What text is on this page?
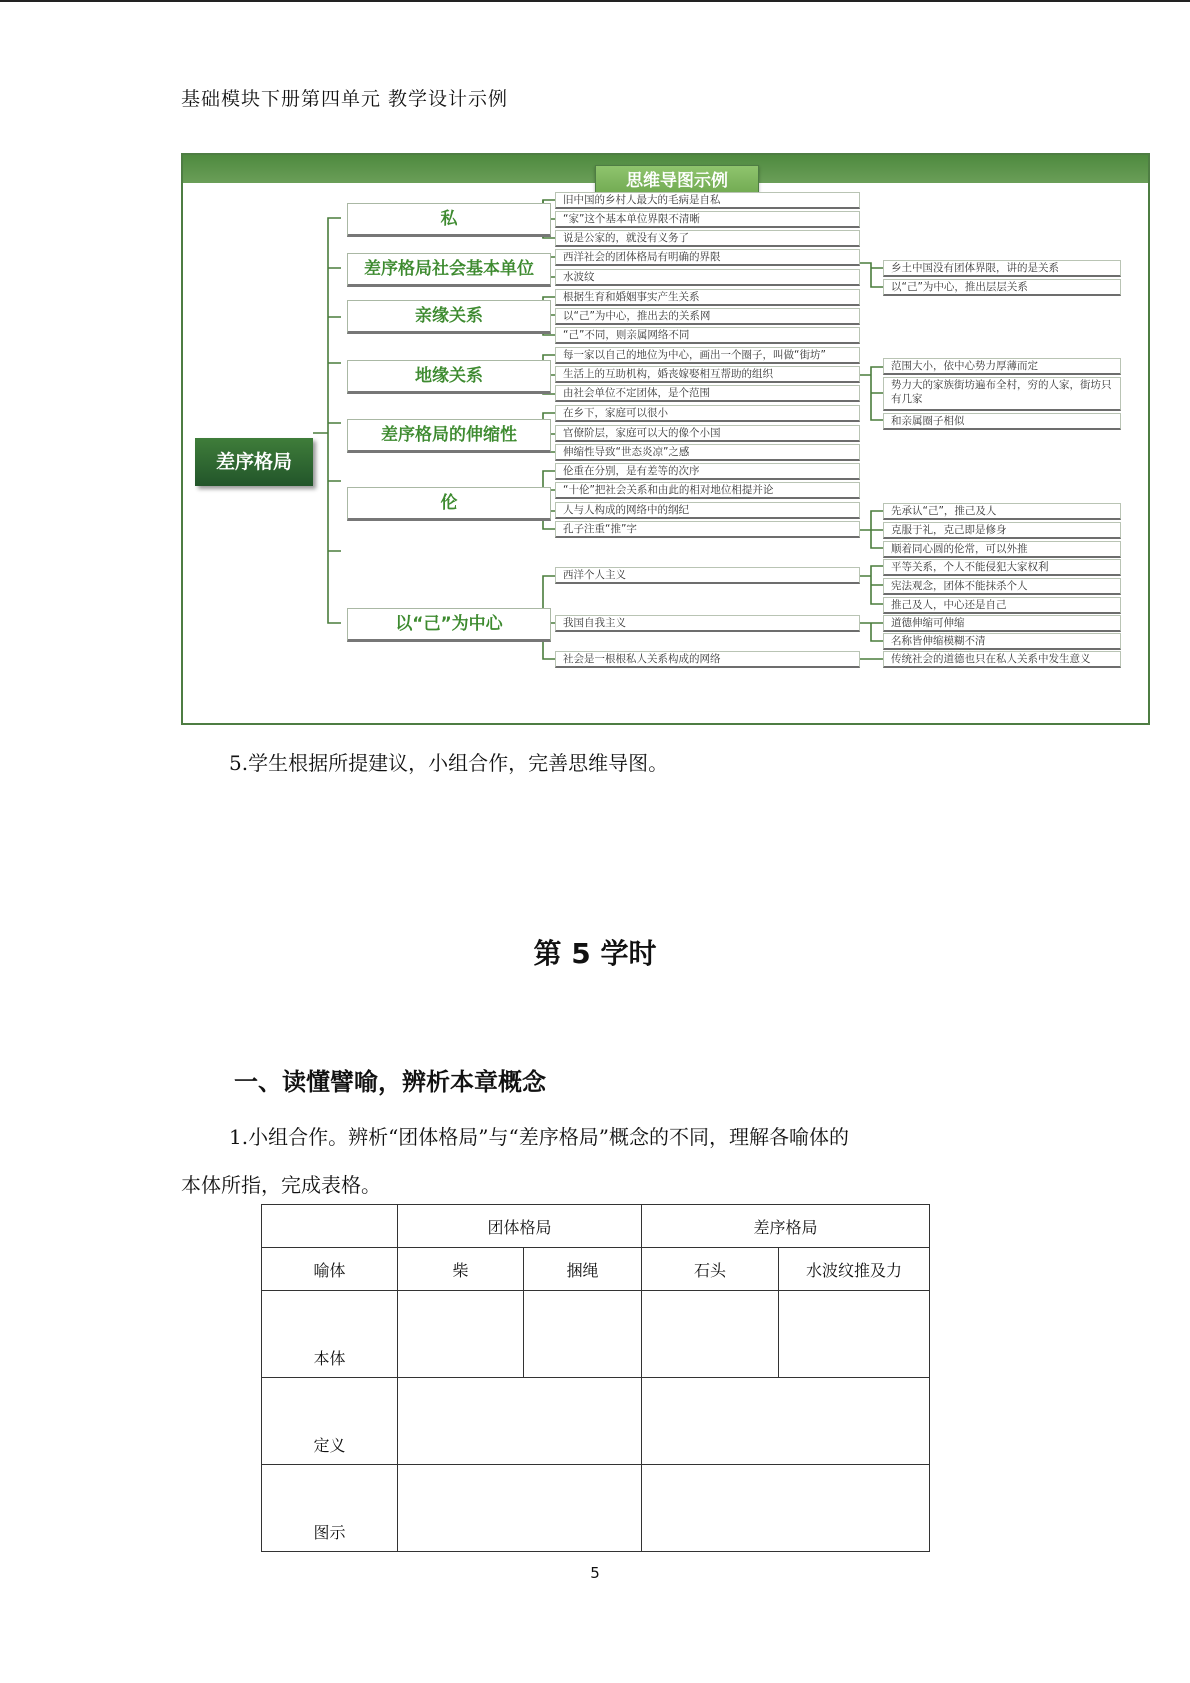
基础模块下册第四单元 教学设计示例
思维导图示例
差序格局
私
差序格局社会基本单位
亲缘关系
地缘关系
差序格局的伸缩性
伦
以“己”为中心
旧中国的乡村人最大的毛病是自私
“家”这个基本单位界限不清晰
说是公家的，就没有义务了
西洋社会的团体格局有明确的界限
水波纹
根据生育和婚姻事实产生关系
以“己”为中心，推出去的关系网
“己”不同，则亲属网络不同
每一家以自己的地位为中心，画出一个圈子，叫做“街坊”
生活上的互助机构，婚丧嫁娶相互帮助的组织
由社会单位不定团体，是个范围
在乡下，家庭可以很小
官僚阶层，家庭可以大的像个小国
伸缩性导致“世态炎凉”之感
伦重在分别，是有差等的次序
“十伦”把社会关系和由此的相对地位相提并论
人与人构成的网络中的纲纪
孔子注重“推”字
西洋个人主义
我国自我主义
社会是一根根私人关系构成的网络
乡土中国没有团体界限，讲的是关系
以“己”为中心，推出层层关系
范围大小，依中心势力厚薄而定
势力大的家族街坊遍布全村，穷的人家，街坊只有几家
和亲属圈子相似
先承认“己”，推己及人
克服于礼，克己即是修身
顺着同心圆的伦常，可以外推
平等关系，个人不能侵犯大家权利
宪法观念，团体不能抹杀个人
推己及人，中心还是自己
道德伸缩可伸缩
名称皆伸缩模糊不清
传统社会的道德也只在私人关系中发生意义
5.学生根据所提建议，小组合作，完善思维导图。
第 5 学时
一、读懂譬喻，辨析本章概念
1.小组合作。辨析“团体格局”与“差序格局”概念的不同，理解各喻体的
本体所指，完成表格。
	团体格局		差序格局	
喻体	柴	捆绳	石头	水波纹推及力
本体				
定义				
图示				
5
